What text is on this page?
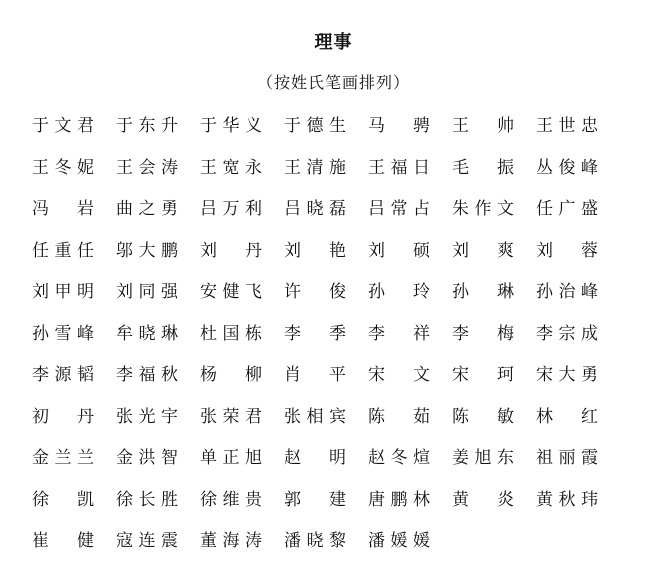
理事
（按姓氏笔画排列）
于 文 君 于 东 升 于 华 义 于 德 生 马 骋 王 帅 王 世 忠
王 冬 妮 王 会 涛 王 宽 永 王 清 施 王 福 日 毛 振 丛 俊 峰
冯 岩 曲 之 勇 吕 万 利 吕 晓 磊 吕 常 占 朱 作 文 任 广 盛
任 重 任 邬 大 鹏 刘 丹 刘 艳 刘 硕 刘 爽 刘 蓉
刘 甲 明 刘 同 强 安 健 飞 许 俊 孙 玲 孙 琳 孙 治 峰
孙 雪 峰 牟 晓 琳 杜 国 栋 李 季 李 祥 李 梅 李 宗 成
李 源 韬 李 福 秋 杨 柳 肖 平 宋 文 宋 珂 宋 大 勇
初 丹 张 光 宇 张 荣 君 张 相 宾 陈 茹 陈 敏 林 红
金 兰 兰 金 洪 智 单 正 旭 赵 明 赵 冬 煊 姜 旭 东 祖 丽 霞
徐 凯 徐 长 胜 徐 维 贵 郭 建 唐 鹏 林 黄 炎 黄 秋 玮
崔 健 寇 连 震 董 海 涛 潘 晓 黎 潘 媛 媛
